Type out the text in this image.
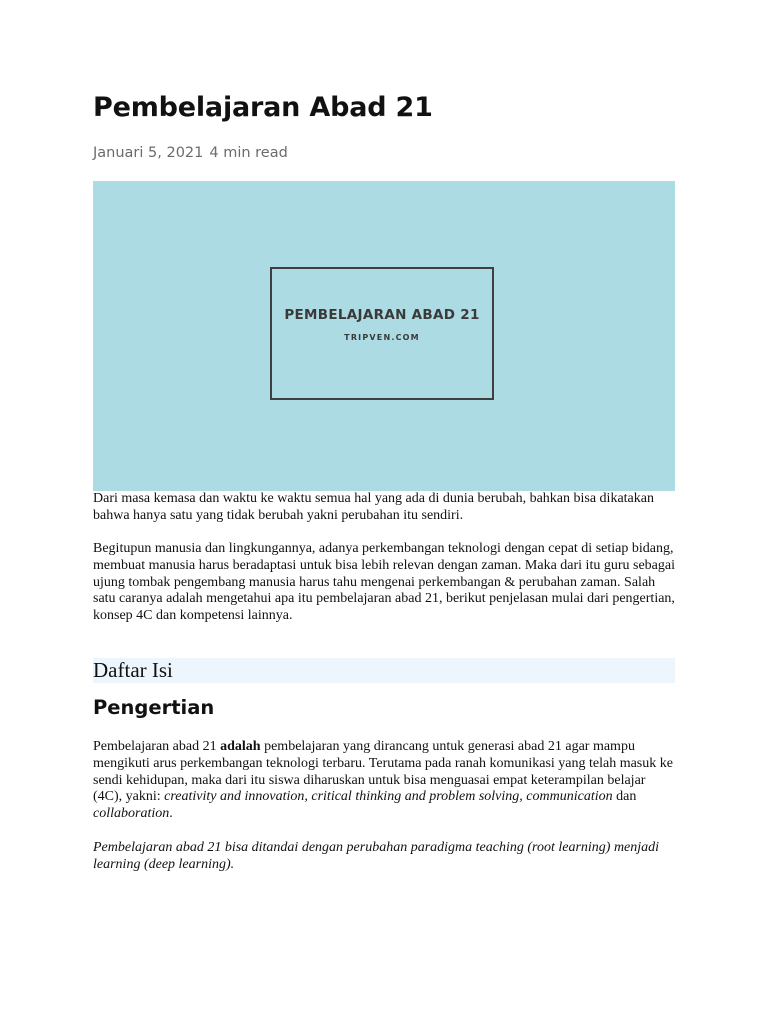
Pembelajaran Abad 21
Januari 5, 2021 4 min read
PEMBELAJARAN ABAD 21
TRIPVEN.COM

Dari masa kemasa dan waktu ke waktu semua hal yang ada di dunia berubah, bahkan bisa dikatakan bahwa hanya satu yang tidak berubah yakni perubahan itu sendiri.

Begitupun manusia dan lingkungannya, adanya perkembangan teknologi dengan cepat di setiap bidang, membuat manusia harus beradaptasi untuk bisa lebih relevan dengan zaman. Maka dari itu guru sebagai ujung tombak pengembang manusia harus tahu mengenai perkembangan & perubahan zaman. Salah satu caranya adalah mengetahui apa itu pembelajaran abad 21, berikut penjelasan mulai dari pengertian, konsep 4C dan kompetensi lainnya.

Daftar Isi
Pengertian

Pembelajaran abad 21 adalah pembelajaran yang dirancang untuk generasi abad 21 agar mampu mengikuti arus perkembangan teknologi terbaru. Terutama pada ranah komunikasi yang telah masuk ke sendi kehidupan, maka dari itu siswa diharuskan untuk bisa menguasai empat keterampilan belajar (4C), yakni: creativity and innovation, critical thinking and problem solving, communication dan collaboration.

Pembelajaran abad 21 bisa ditandai dengan perubahan paradigma teaching (root learning) menjadi learning (deep learning).
